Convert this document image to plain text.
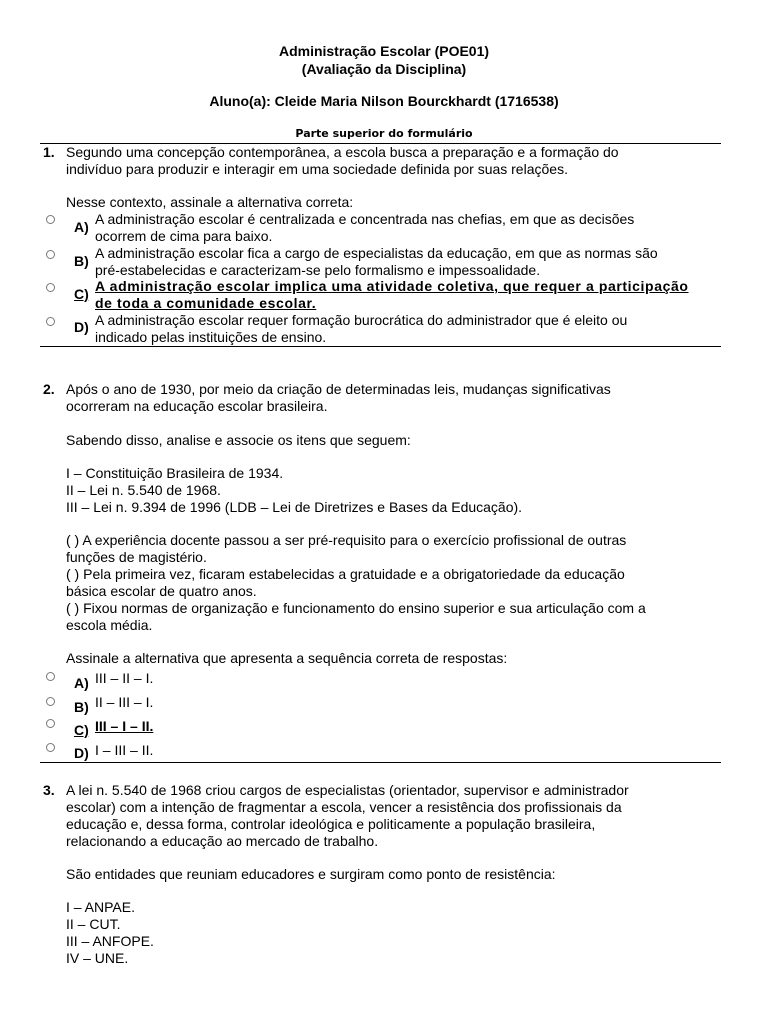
Administração Escolar (POE01)
(Avaliação da Disciplina)
Aluno(a): Cleide Maria Nilson Bourckhardt (1716538)
Parte superior do formulário
1. Segundo uma concepção contemporânea, a escola busca a preparação e a formação do
indivíduo para produzir e interagir em uma sociedade definida por suas relações.
Nesse contexto, assinale a alternativa correta:
A) A administração escolar é centralizada e concentrada nas chefias, em que as decisões
ocorrem de cima para baixo.
B) A administração escolar fica a cargo de especialistas da educação, em que as normas são
pré-estabelecidas e caracterizam-se pelo formalismo e impessoalidade.
C) A administração escolar implica uma atividade coletiva, que requer a participação
de toda a comunidade escolar.
D) A administração escolar requer formação burocrática do administrador que é eleito ou
indicado pelas instituições de ensino.
2. Após o ano de 1930, por meio da criação de determinadas leis, mudanças significativas
ocorreram na educação escolar brasileira.
Sabendo disso, analise e associe os itens que seguem:
I – Constituição Brasileira de 1934.
II – Lei n. 5.540 de 1968.
III – Lei n. 9.394 de 1996 (LDB – Lei de Diretrizes e Bases da Educação).
( ) A experiência docente passou a ser pré-requisito para o exercício profissional de outras
funções de magistério.
( ) Pela primeira vez, ficaram estabelecidas a gratuidade e a obrigatoriedade da educação
básica escolar de quatro anos.
( ) Fixou normas de organização e funcionamento do ensino superior e sua articulação com a
escola média.
Assinale a alternativa que apresenta a sequência correta de respostas:
A) III – II – I.
B) II – III – I.
C) III – I – II.
D) I – III – II.
3. A lei n. 5.540 de 1968 criou cargos de especialistas (orientador, supervisor e administrador
escolar) com a intenção de fragmentar a escola, vencer a resistência dos profissionais da
educação e, dessa forma, controlar ideológica e politicamente a população brasileira,
relacionando a educação ao mercado de trabalho.
São entidades que reuniam educadores e surgiram como ponto de resistência:
I – ANPAE.
II – CUT.
III – ANFOPE.
IV – UNE.
